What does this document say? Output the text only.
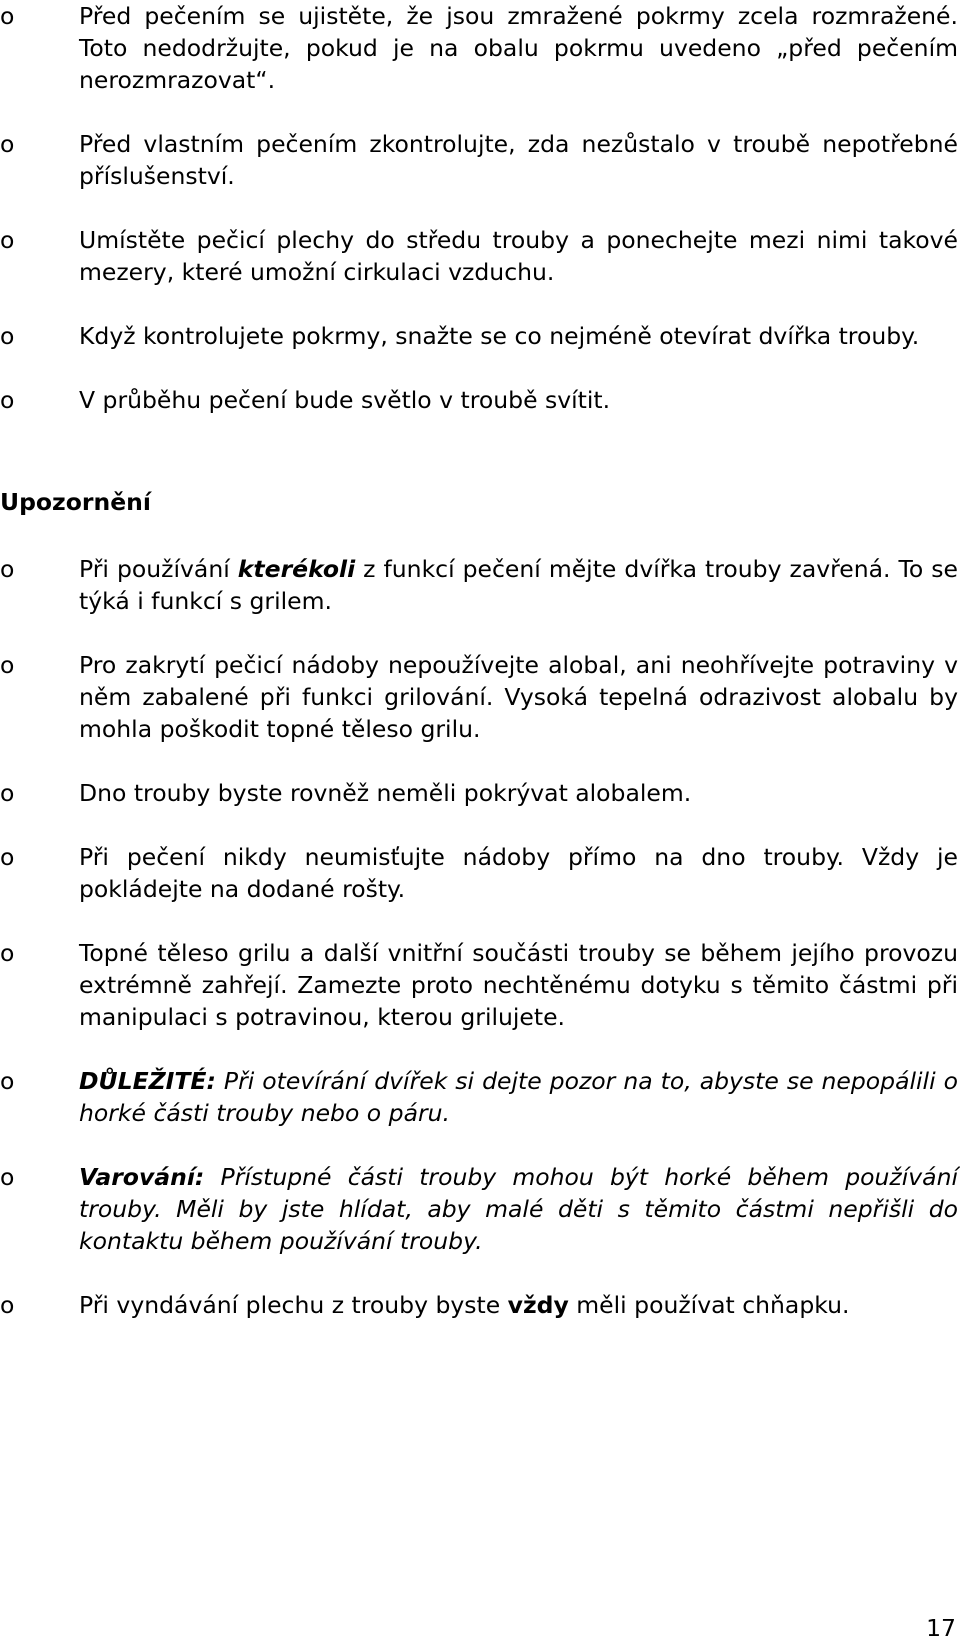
o	Před pečením se ujistěte, že jsou zmražené pokrmy zcela rozmražené. Toto nedodržujte, pokud je na obalu pokrmu uvedeno „před pečením nerozmrazovat“.
o	Před vlastním pečením zkontrolujte, zda nezůstalo v troubě nepotřebné příslušenství.
o	Umístěte pečicí plechy do středu trouby a ponechejte mezi nimi takové mezery, které umožní cirkulaci vzduchu.
o	Když kontrolujete pokrmy, snažte se co nejméně otevírat dvířka trouby.
o	V průběhu pečení bude světlo v troubě svítit.
Upozornění
o	Při používání kterékoli z funkcí pečení mějte dvířka trouby zavřená. To se týká i funkcí s grilem.
o	Pro zakrytí pečicí nádoby nepoužívejte alobal, ani neohřívejte potraviny v něm zabalené při funkci grilování. Vysoká tepelná odrazivost alobalu by mohla poškodit topné těleso grilu.
o	Dno trouby byste rovněž neměli pokrývat alobalem.
o	Při pečení nikdy neumisťujte nádoby přímo na dno trouby. Vždy je pokládejte na dodané rošty.
o	Topné těleso grilu a další vnitřní součásti trouby se během jejího provozu extrémně zahřejí. Zamezte proto nechtěnému dotyku s těmito částmi při manipulaci s potravinou, kterou grilujete.
o	DŮLEŽITÉ: Při otevírání dvířek si dejte pozor na to, abyste se nepopálili o horké části trouby nebo o páru.
o	Varování: Přístupné části trouby mohou být horké během používání trouby. Měli by jste hlídat, aby malé děti s těmito částmi nepřišli do kontaktu během používání trouby.
o	Při vyndávání plechu z trouby byste vždy měli používat chňapku.
17
